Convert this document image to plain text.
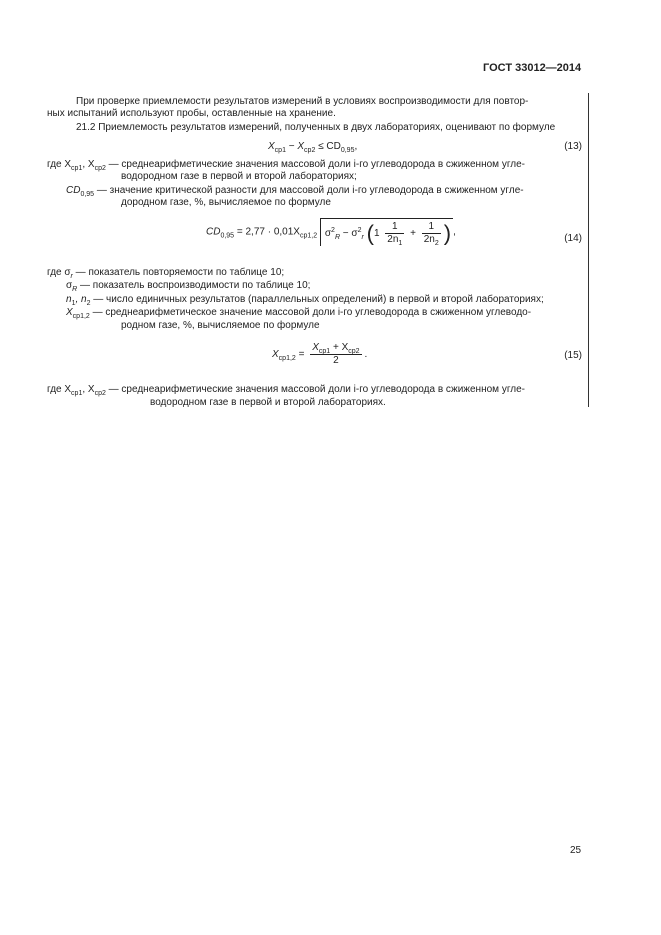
ГОСТ 33012—2014
При проверке приемлемости результатов измерений в условиях воспроизводимости для повтор-
ных испытаний используют пробы, оставленные на хранение.
21.2 Приемлемость результатов измерений, полученных в двух лабораториях, оценивают по формуле
$X_{ср1} - X_{ср2} \le CD_{0,95}$,	(13)
где $X_{ср1}$, $X_{ср2}$ — среднеарифметические значения массовой доли i-го углеводорода в сжиженном угле-
водородном газе в первой и второй лабораториях;
$CD_{0,95}$ — значение критической разности для массовой доли i-го углеводорода в сжиженном угле-
дородном газе, %, вычисляемое по формуле
$CD_{0,95} = 2,77 \cdot 0,01X_{ср1,2}$ $\sigma^2_R - \sigma^2_r$ ($1 \frac{1}{2n_1} + \frac{1}{2n_2}$ ) ,
(14)
где $\sigma_r$ — показатель повторяемости по таблице 10;
$\sigma_R$ — показатель воспроизводимости по таблице 10;
$n_1$, $n_2$ — число единичных результатов (параллельных определений) в первой и второй лабораториях;
$X_{ср1,2}$ — среднеарифметическое значение массовой доли i-го углеводорода в сжиженном углеводо-
родном газе, %, вычисляемое по формуле
$X_{ср1,2} = \frac{X_{ср1} + X_{ср2}}{2}$ .	(15)
где $X_{ср1}$, $X_{ср2}$ — среднеарифметические значения массовой доли i-го углеводорода в сжиженном угле-
водородном газе в первой и второй лабораториях.
25
